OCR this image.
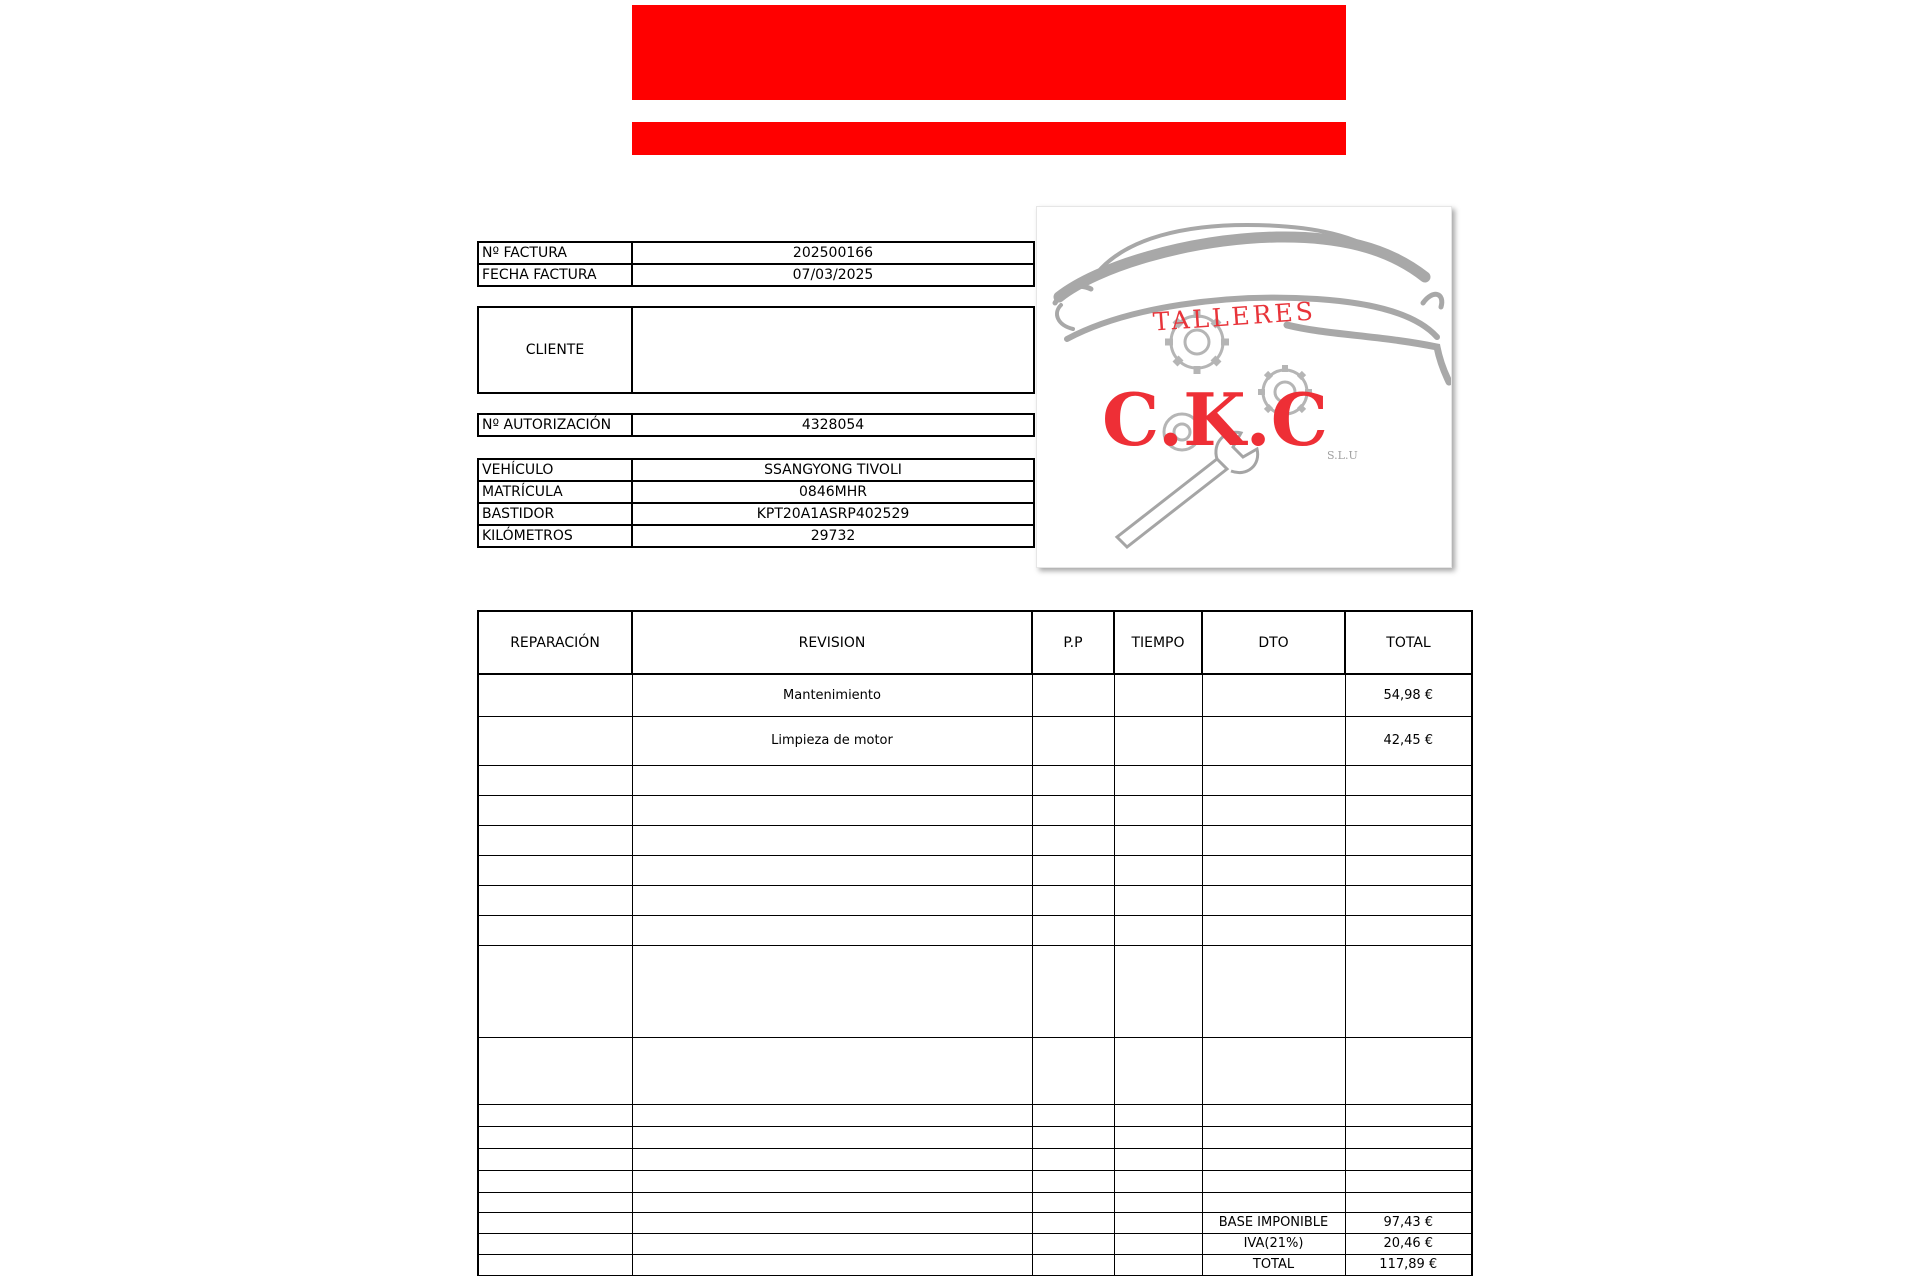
Nº FACTURA	202500166
FECHA FACTURA	07/03/2025
CLIENTE	
Nº AUTORIZACIÓN	4328054
VEHÍCULO	SSANGYONG TIVOLI
MATRÍCULA	0846MHR
BASTIDOR	KPT20A1ASRP402529
KILÓMETROS	29732
TALLERES
C.K.C
S.L.U
REPARACIÓN	REVISION	P.P	TIEMPO	DTO	TOTAL
	Mantenimiento				54,98 €
	Limpieza de motor				42,45 €

				BASE IMPONIBLE	97,43 €
				IVA(21%)	20,46 €
				TOTAL	117,89 €
